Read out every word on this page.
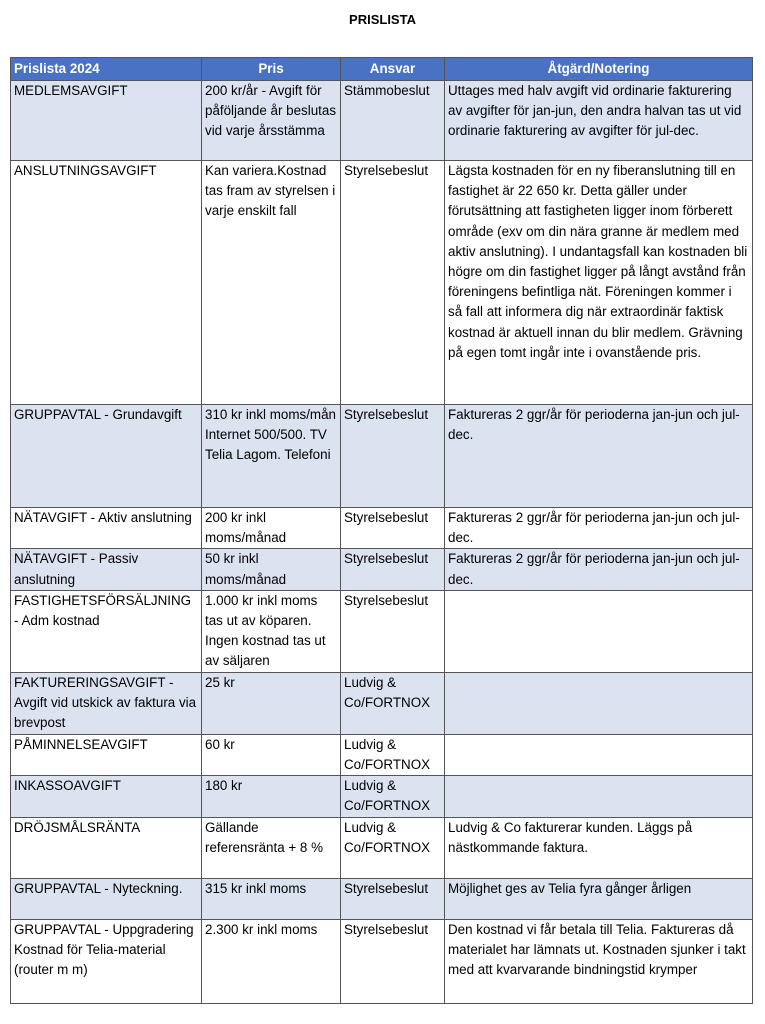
PRISLISTA
Prislista 2024	Pris	Ansvar	Åtgärd/Notering
MEDLEMSAVGIFT	200 kr/år - Avgift för påföljande år beslutas vid varje årsstämma	Stämmobeslut	Uttages med halv avgift vid ordinarie fakturering av avgifter för jan-jun, den andra halvan tas ut vid ordinarie fakturering av avgifter för jul-dec.
ANSLUTNINGSAVGIFT	Kan variera.Kostnad tas fram av styrelsen i varje enskilt fall	Styrelsebeslut	Lägsta kostnaden för en ny fiberanslutning till en fastighet är 22 650 kr. Detta gäller under förutsättning att fastigheten ligger inom förberett område (exv om din nära granne är medlem med aktiv anslutning). I undantagsfall kan kostnaden bli högre om din fastighet ligger på långt avstånd från föreningens befintliga nät. Föreningen kommer i så fall att informera dig när extraordinär faktisk kostnad är aktuell innan du blir medlem. Grävning på egen tomt ingår inte i ovanstående pris.
GRUPPAVTAL - Grundavgift	310 kr inkl moms/mån Internet 500/500. TV Telia Lagom. Telefoni	Styrelsebeslut	Faktureras 2 ggr/år för perioderna jan-jun och jul-dec.
NÄTAVGIFT - Aktiv anslutning	200 kr inkl moms/månad	Styrelsebeslut	Faktureras 2 ggr/år för perioderna jan-jun och jul-dec.
NÄTAVGIFT - Passiv anslutning	50 kr inkl moms/månad	Styrelsebeslut	Faktureras 2 ggr/år för perioderna jan-jun och jul-dec.
FASTIGHETSFÖRSÄLJNING - Adm kostnad	1.000 kr inkl moms tas ut av köparen. Ingen kostnad tas ut av säljaren	Styrelsebeslut	
FAKTURERINGSAVGIFT - Avgift vid utskick av faktura via brevpost	25 kr	Ludvig & Co/FORTNOX	
PÅMINNELSEAVGIFT	60 kr	Ludvig & Co/FORTNOX	
INKASSOAVGIFT	180 kr	Ludvig & Co/FORTNOX	
DRÖJSMÅLSRÄNTA	Gällande referensränta + 8 %	Ludvig & Co/FORTNOX	Ludvig & Co fakturerar kunden. Läggs på nästkommande faktura.
GRUPPAVTAL - Nyteckning.	315 kr inkl moms	Styrelsebeslut	Möjlighet ges av Telia fyra gånger årligen
GRUPPAVTAL - Uppgradering Kostnad för Telia-material (router m m)	2.300 kr inkl moms	Styrelsebeslut	Den kostnad vi får betala till Telia. Faktureras då materialet har lämnats ut. Kostnaden sjunker i takt med att kvarvarande bindningstid krymper
